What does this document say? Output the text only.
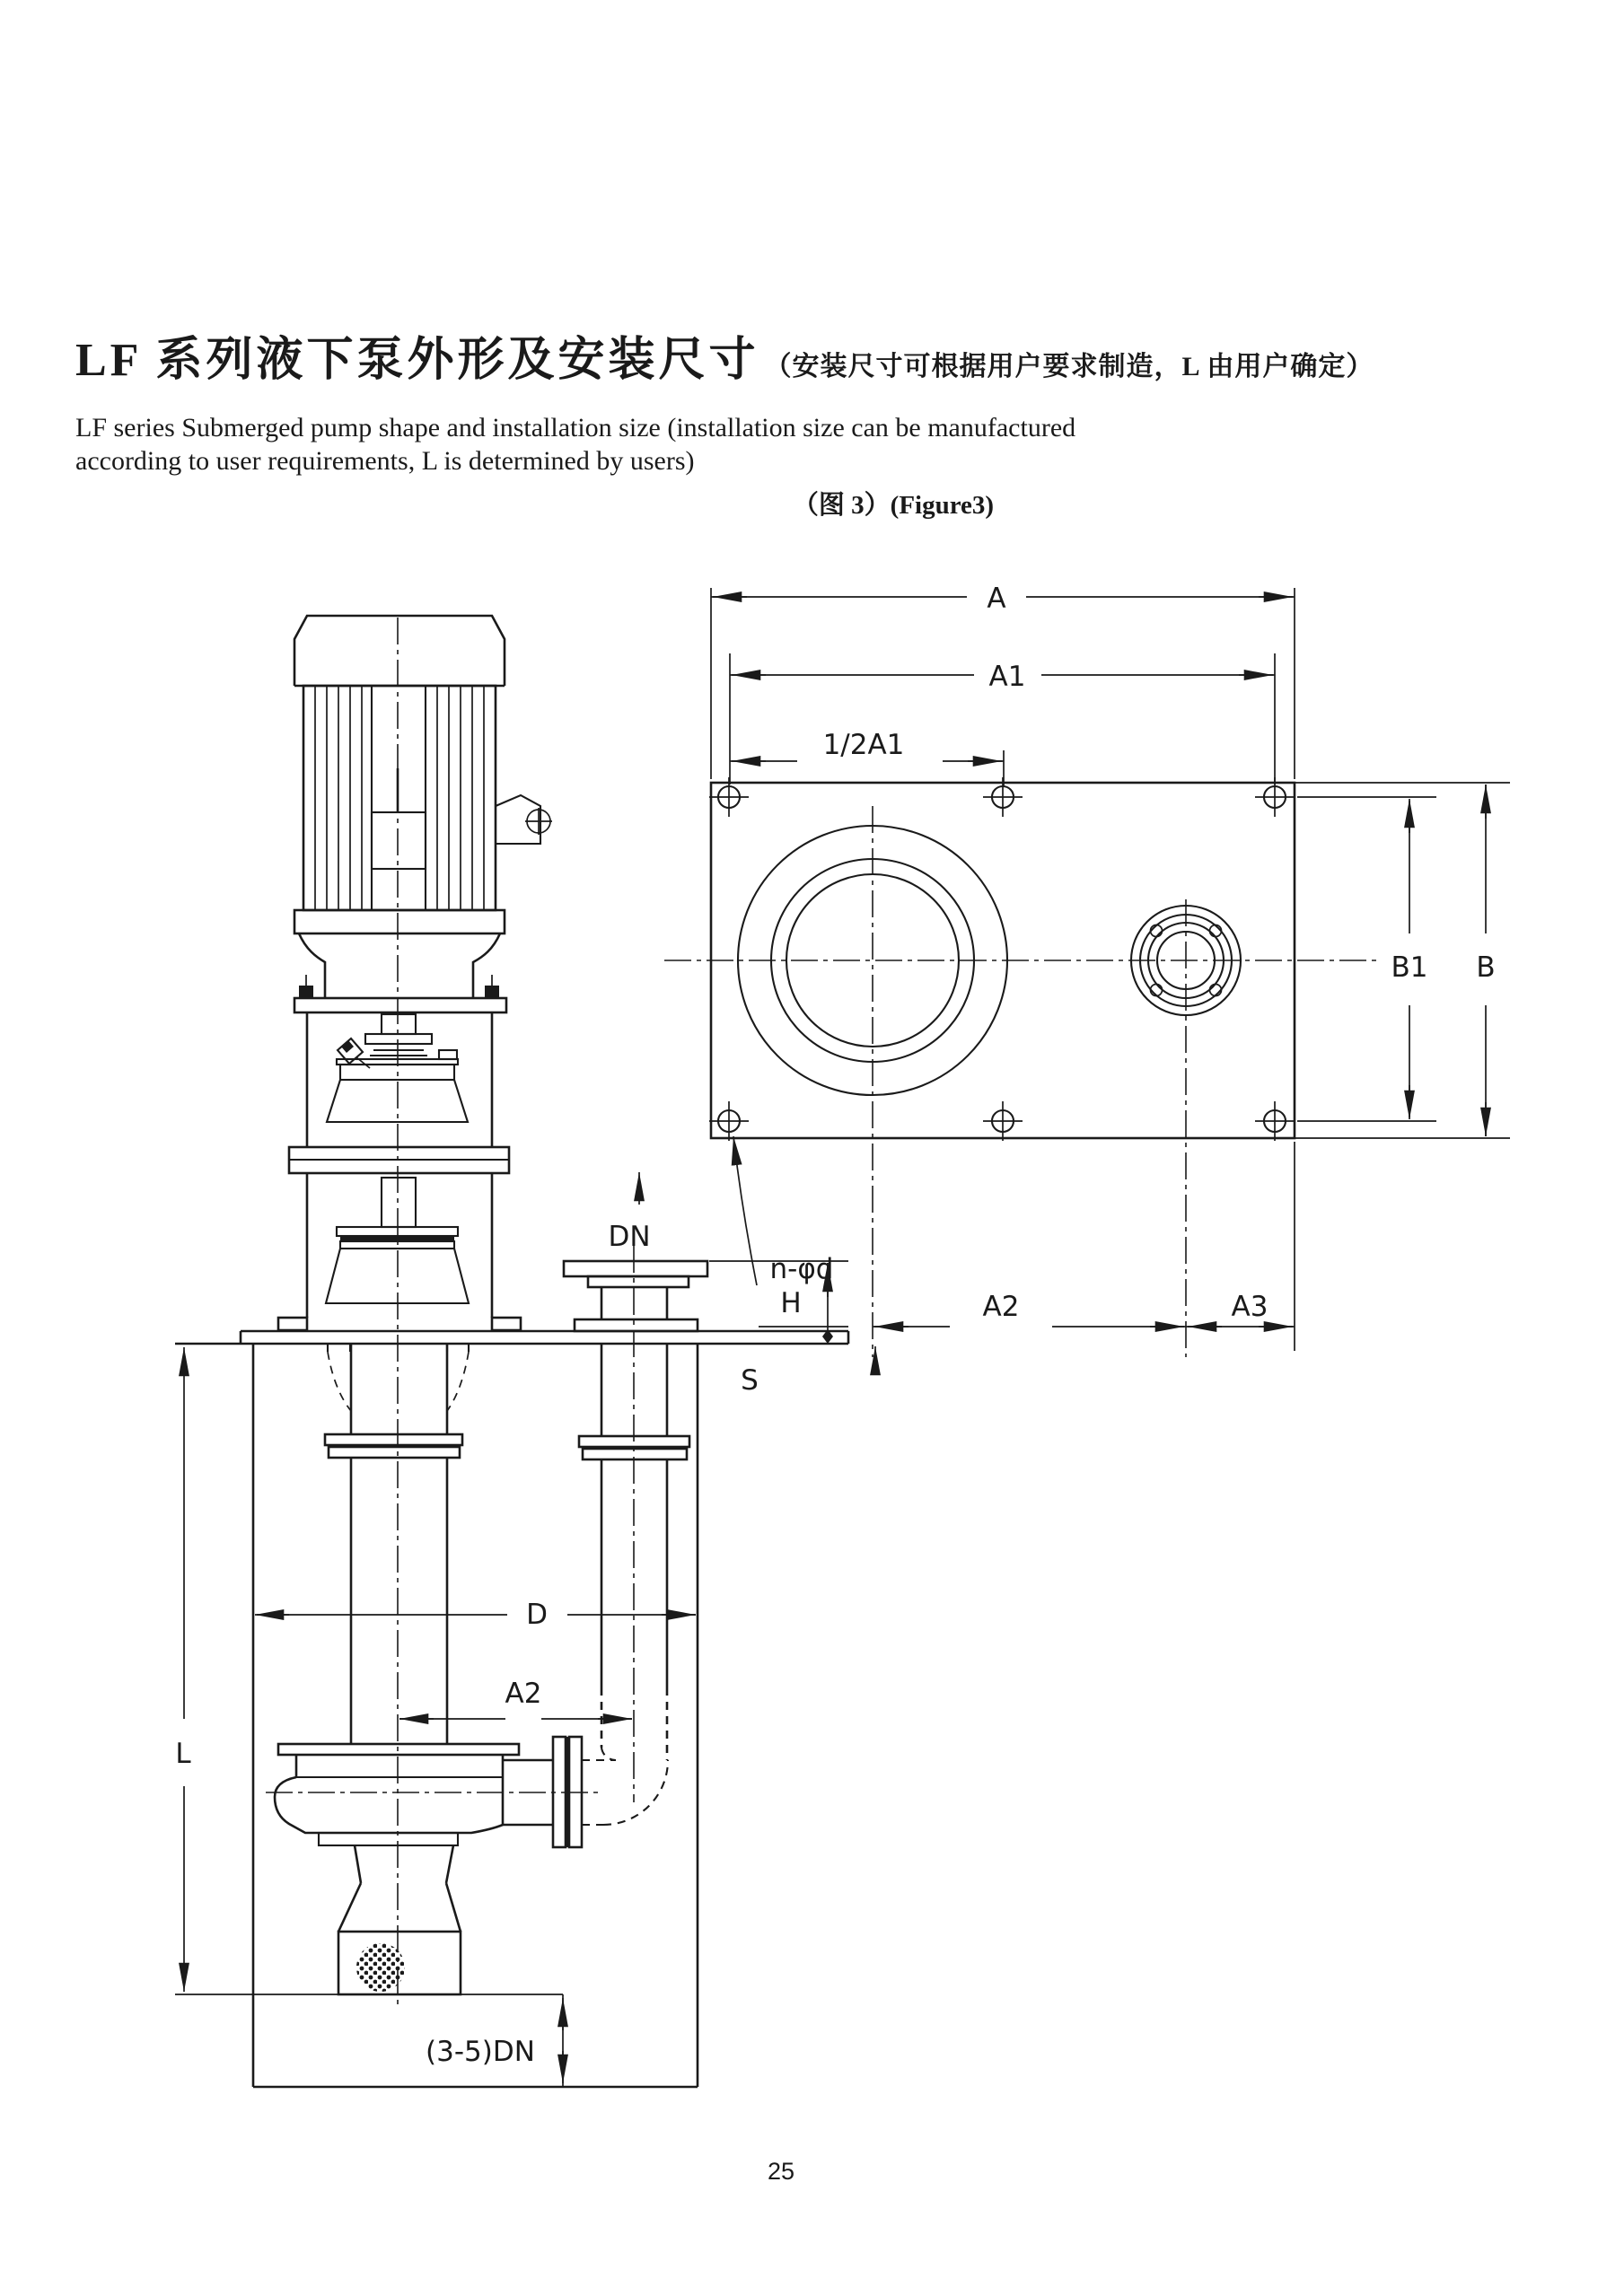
LF 系列液下泵外形及安装尺寸 （安装尺寸可根据用户要求制造，L 由用户确定）
LF series Submerged pump shape and installation size (installation size can be manufactured
according to user requirements, L is determined by users)
（图 3）(Figure3)
A
A1
1/2A1
B1 B
A2	A3
n-φd
DN
H
S
D
A2
L
(3-5)DN
25
